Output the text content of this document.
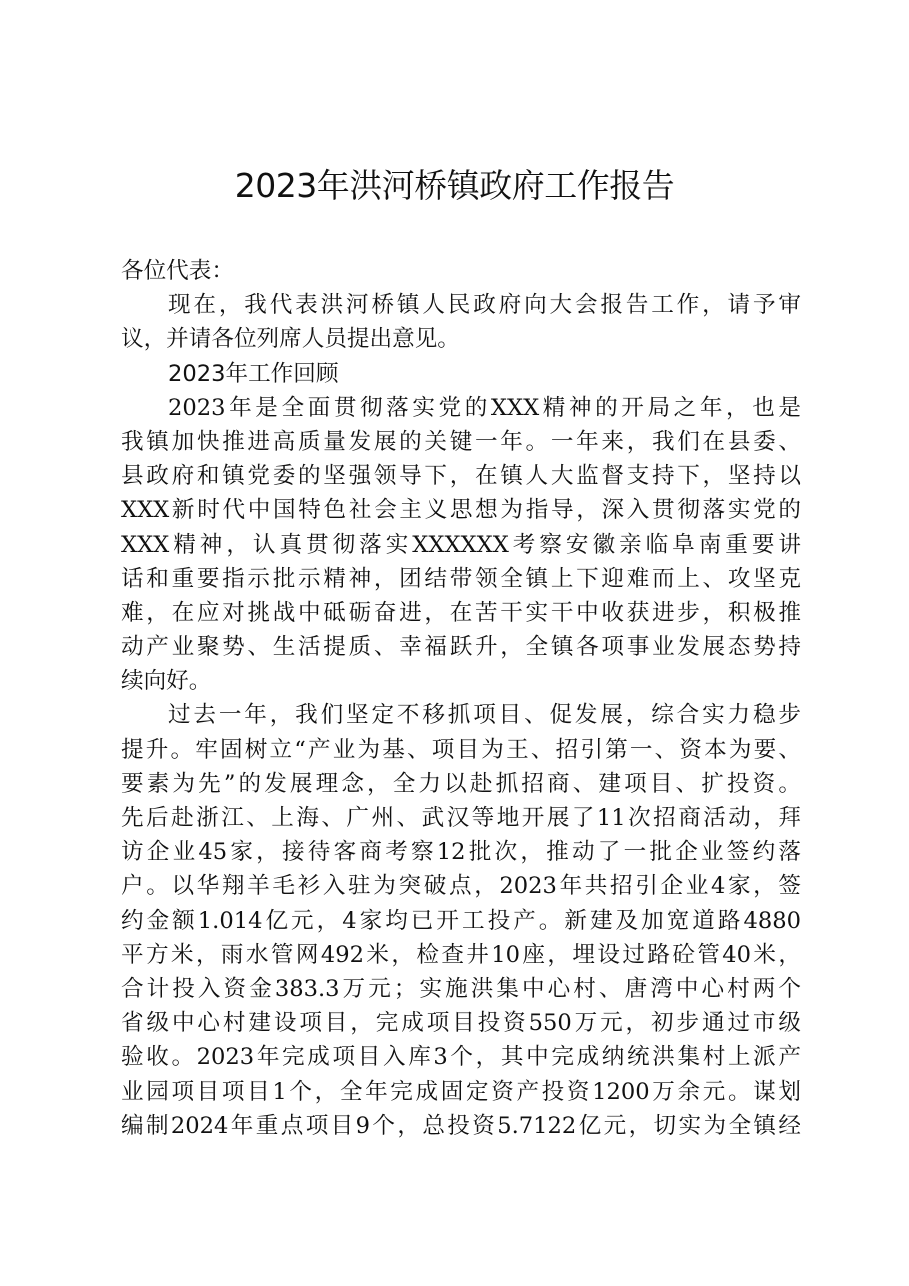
2023年洪河桥镇政府工作报告
各位代表：
现在，我代表洪河桥镇人民政府向大会报告工作，请予审
议，并请各位列席人员提出意见。
2023年工作回顾
2023年是全面贯彻落实党的XXX精神的开局之年，也是
我镇加快推进高质量发展的关键一年。一年来，我们在县委、
县政府和镇党委的坚强领导下，在镇人大监督支持下，坚持以
XXX新时代中国特色社会主义思想为指导，深入贯彻落实党的
XXX精神，认真贯彻落实XXXXXX考察安徽亲临阜南重要讲
话和重要指示批示精神，团结带领全镇上下迎难而上、攻坚克
难，在应对挑战中砥砺奋进，在苦干实干中收获进步，积极推
动产业聚势、生活提质、幸福跃升，全镇各项事业发展态势持
续向好。
过去一年，我们坚定不移抓项目、促发展，综合实力稳步
提升。牢固树立“产业为基、项目为王、招引第一、资本为要、
要素为先”的发展理念，全力以赴抓招商、建项目、扩投资。
先后赴浙江、上海、广州、武汉等地开展了11次招商活动，拜
访企业45家，接待客商考察12批次，推动了一批企业签约落
户。以华翔羊毛衫入驻为突破点，2023年共招引企业4家，签
约金额1.014亿元，4家均已开工投产。新建及加宽道路4880
平方米，雨水管网492米，检查井10座，埋设过路砼管40米，
合计投入资金383.3万元；实施洪集中心村、唐湾中心村两个
省级中心村建设项目，完成项目投资550万元，初步通过市级
验收。2023年完成项目入库3个，其中完成纳统洪集村上派产
业园项目项目1个，全年完成固定资产投资1200万余元。谋划
编制2024年重点项目9个，总投资5.7122亿元，切实为全镇经
